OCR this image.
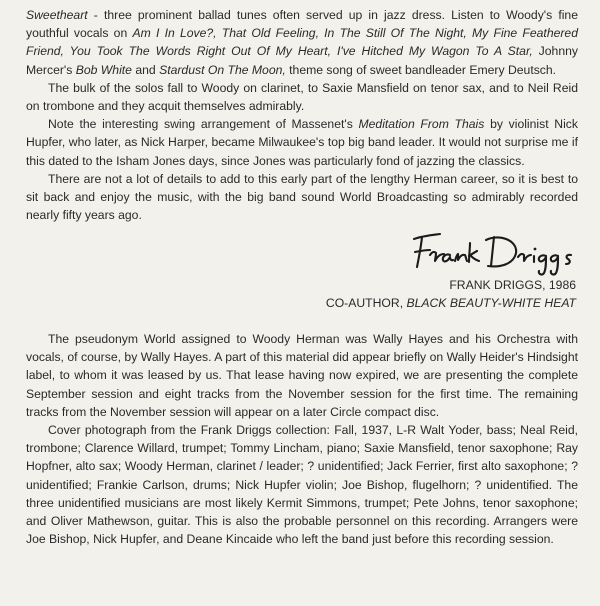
Sweetheart - three prominent ballad tunes often served up in jazz dress. Listen to Woody's fine youthful vocals on Am I In Love?, That Old Feeling, In The Still Of The Night, My Fine Feathered Friend, You Took The Words Right Out Of My Heart, I've Hitched My Wagon To A Star, Johnny Mercer's Bob White and Stardust On The Moon, theme song of sweet bandleader Emery Deutsch.

The bulk of the solos fall to Woody on clarinet, to Saxie Mansfield on tenor sax, and to Neil Reid on trombone and they acquit themselves admirably.

Note the interesting swing arrangement of Massenet's Meditation From Thais by violinist Nick Hupfer, who later, as Nick Harper, became Milwaukee's top big band leader. It would not surprise me if this dated to the Isham Jones days, since Jones was particularly fond of jazzing the classics.

There are not a lot of details to add to this early part of the lengthy Herman career, so it is best to sit back and enjoy the music, with the big band sound World Broadcasting so admirably recorded nearly fifty years ago.

FRANK DRIGGS, 1986
CO-AUTHOR, BLACK BEAUTY-WHITE HEAT

The pseudonym World assigned to Woody Herman was Wally Hayes and his Orchestra with vocals, of course, by Wally Hayes. A part of this material did appear briefly on Wally Heider's Hindsight label, to whom it was leased by us. That lease having now expired, we are presenting the complete September session and eight tracks from the November session for the first time. The remaining tracks from the November session will appear on a later Circle compact disc.

Cover photograph from the Frank Driggs collection: Fall, 1937, L-R Walt Yoder, bass; Neal Reid, trombone; Clarence Willard, trumpet; Tommy Lincham, piano; Saxie Mansfield, tenor saxophone; Ray Hopfner, alto sax; Woody Herman, clarinet / leader; ? unidentified; Jack Ferrier, first alto saxophone; ? unidentified; Frankie Carlson, drums; Nick Hupfer violin; Joe Bishop, flugelhorn; ? unidentified. The three unidentified musicians are most likely Kermit Simmons, trumpet; Pete Johns, tenor saxophone; and Oliver Mathewson, guitar. This is also the probable personnel on this recording. Arrangers were Joe Bishop, Nick Hupfer, and Deane Kincaide who left the band just before this recording session.
